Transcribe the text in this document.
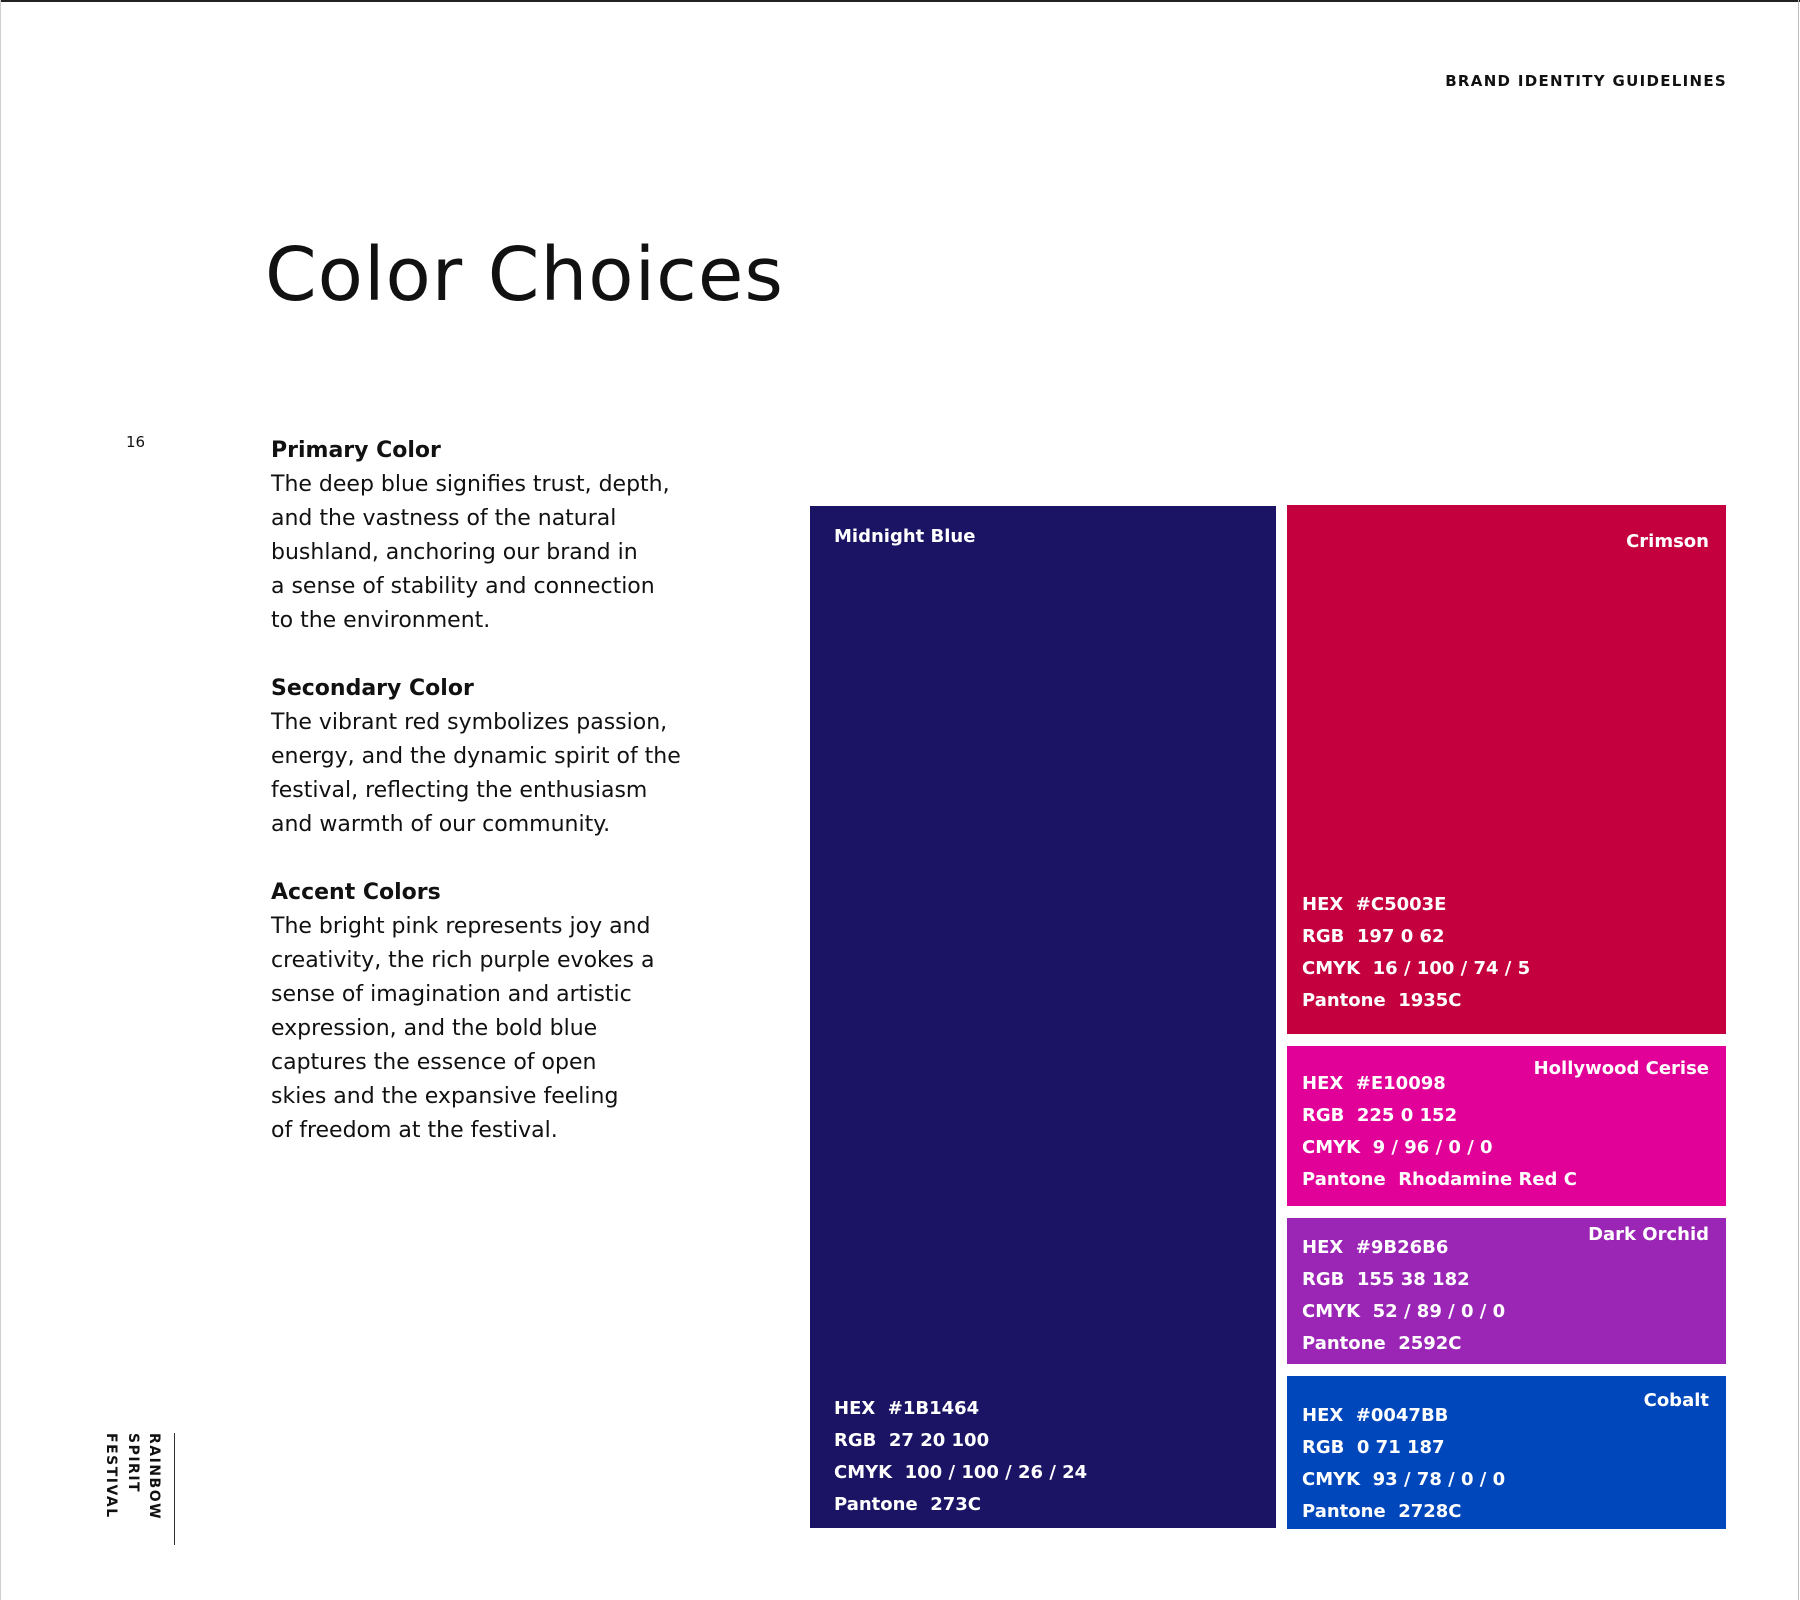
BRAND IDENTITY GUIDELINES
Color Choices
16	Primary Color

The deep blue signifies trust, depth,
and the vastness of the natural
bushland, anchoring our brand in
a sense of stability and connection
to the environment.

Secondary Color

The vibrant red symbolizes passion,
energy, and the dynamic spirit of the
festival, reflecting the enthusiasm
and warmth of our community.

Accent Colors

The bright pink represents joy and
creativity, the rich purple evokes a
sense of imagination and artistic
expression, and the bold blue
captures the essence of open
skies and the expansive feeling
of freedom at the festival.

RAINBOW
SPIRIT
FESTIVAL
Midnight Blue
HEX  #1B1464
RGB  27 20 100
CMYK  100 / 100 / 26 / 24
Pantone  273C
Crimson
HEX  #C5003E
RGB  197 0 62
CMYK  16 / 100 / 74 / 5
Pantone  1935C
Hollywood Cerise
HEX  #E10098
RGB  225 0 152
CMYK  9 / 96 / 0 / 0
Pantone  Rhodamine Red C
Dark Orchid
HEX  #9B26B6
RGB  155 38 182
CMYK  52 / 89 / 0 / 0
Pantone  2592C
Cobalt
HEX  #0047BB
RGB  0 71 187
CMYK  93 / 78 / 0 / 0
Pantone  2728C
